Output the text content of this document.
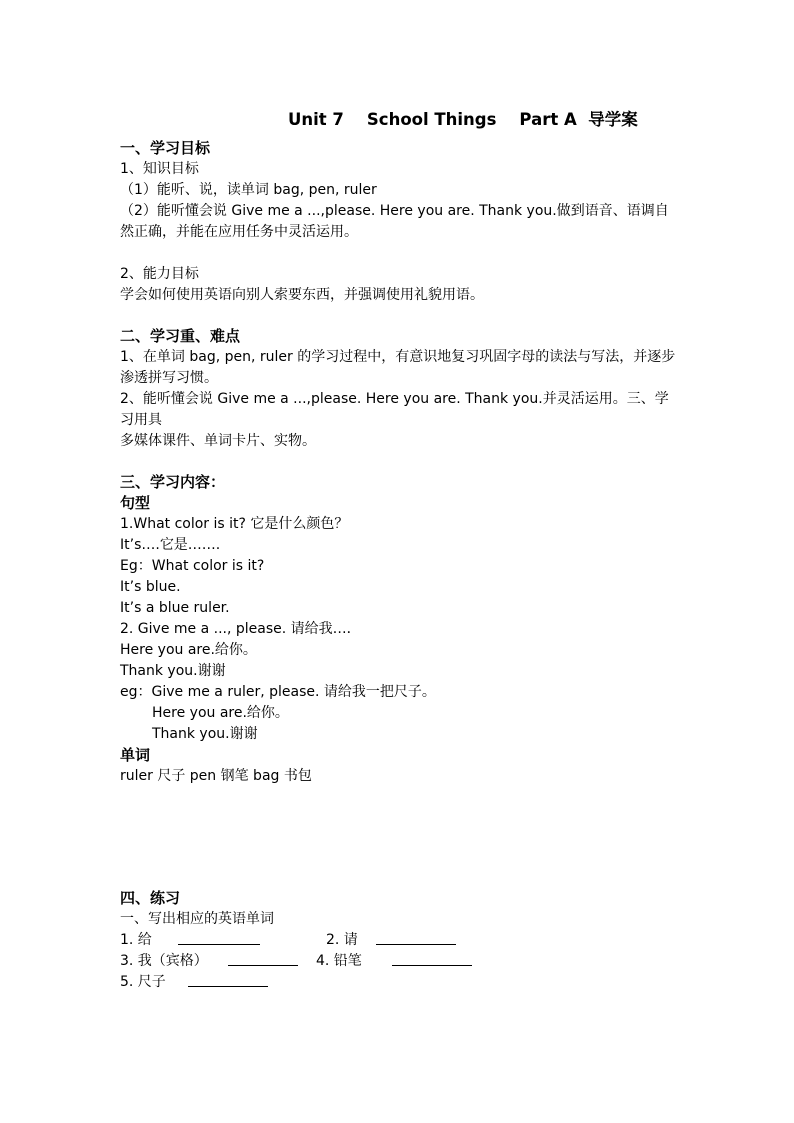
Unit 7 School Things Part A 导学案
一、学习目标
1、知识目标
（1）能听、说，读单词 bag, pen, ruler
（2）能听懂会说 Give me a ...,please. Here you are. Thank you.做到语音、语调自然正确，并能在应用任务中灵活运用。
2、能力目标
学会如何使用英语向别人索要东西，并强调使用礼貌用语。
二、学习重、难点
1、在单词 bag, pen, ruler 的学习过程中，有意识地复习巩固字母的读法与写法，并逐步渗透拼写习惯。
2、能听懂会说 Give me a ...,please. Here you are. Thank you.并灵活运用。三、学习用具
多媒体课件、单词卡片、实物。
三、学习内容：
句型
1.What color is it? 它是什么颜色？
It’s….它是…….
Eg：What color is it?
It’s blue.
It’s a blue ruler.
2. Give me a ..., please. 请给我…．
Here you are.给你。
Thank you.谢谢
eg：Give me a ruler, please. 请给我一把尺子。
Here you are.给你。
Thank you.谢谢
单词
ruler 尺子 pen 钢笔 bag 书包
四、练习
一、写出相应的英语单词
1. 给	2. 请
3. 我（宾格）	4. 铅笔
5. 尺子
